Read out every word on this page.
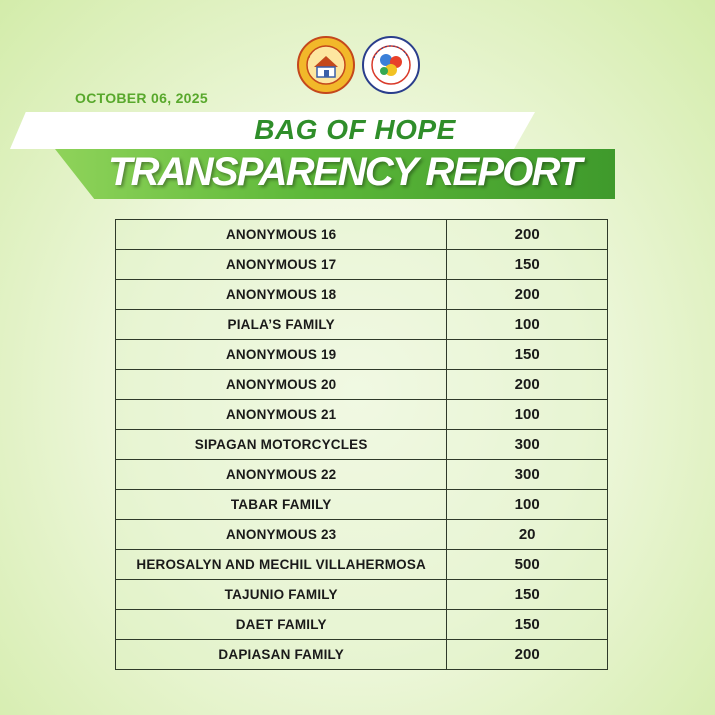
OCTOBER 06, 2025
BAG OF HOPE
TRANSPARENCY REPORT
ANONYMOUS 16	200
ANONYMOUS 17	150
ANONYMOUS 18	200
PIALA’S FAMILY	100
ANONYMOUS 19	150
ANONYMOUS 20	200
ANONYMOUS 21	100
SIPAGAN MOTORCYCLES	300
ANONYMOUS 22	300
TABAR FAMILY	100
ANONYMOUS 23	20
HEROSALYN AND MECHIL VILLAHERMOSA	500
TAJUNIO FAMILY	150
DAET FAMILY	150
DAPIASAN FAMILY	200
